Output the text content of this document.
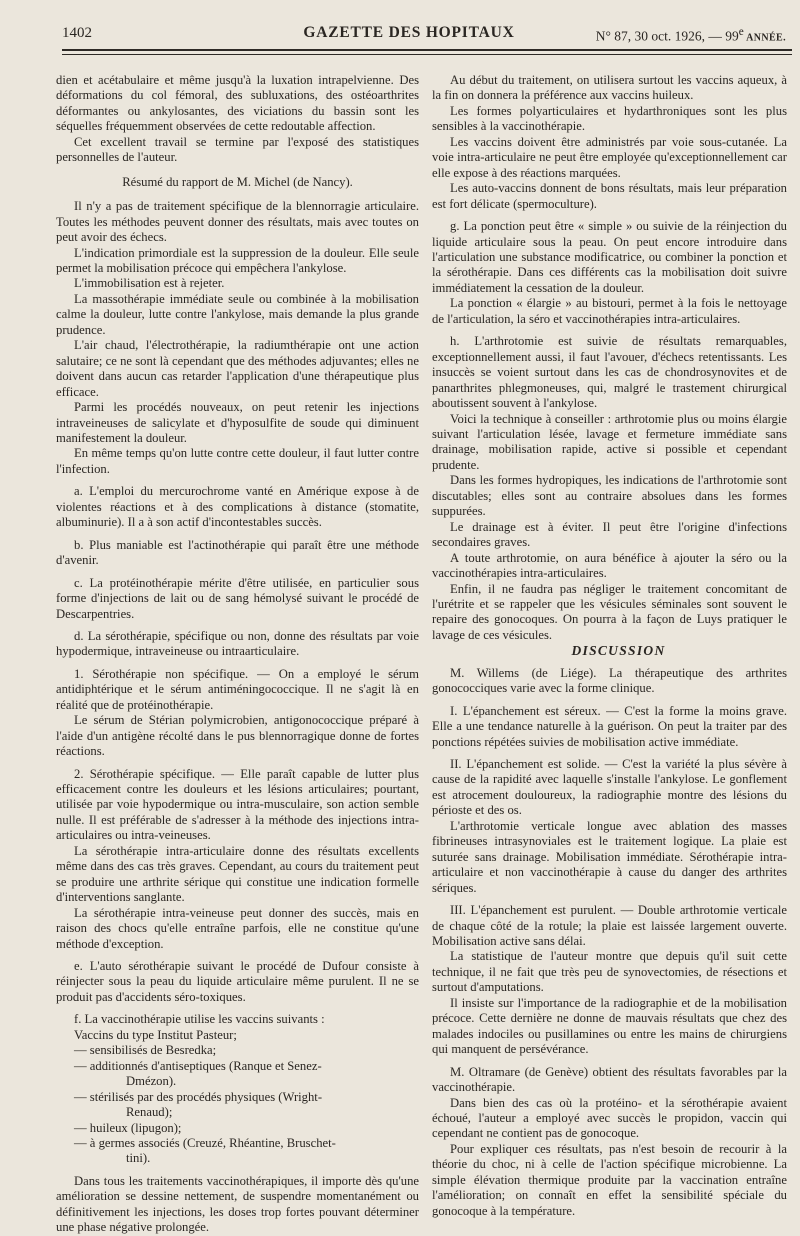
1402	GAZETTE DES HOPITAUX	N° 87, 30 oct. 1926, — 99e ANNÉE.

dien et acétabulaire et même jusqu'à la luxation intrapelvienne. Des déformations du col fémoral, des subluxations, des ostéoarthrites déformantes ou ankylosantes, des viciations du bassin sont les séquelles fréquemment observées de cette redoutable affection.

Cet excellent travail se termine par l'exposé des statistiques personnelles de l'auteur.

Résumé du rapport de M. Michel (de Nancy).

Il n'y a pas de traitement spécifique de la blennorragie articulaire. Toutes les méthodes peuvent donner des résultats, mais avec toutes on peut avoir des échecs.

L'indication primordiale est la suppression de la douleur. Elle seule permet la mobilisation précoce qui empêchera l'ankylose.

L'immobilisation est à rejeter.

La massothérapie immédiate seule ou combinée à la mobilisation calme la douleur, lutte contre l'ankylose, mais demande la plus grande prudence.

L'air chaud, l'électrothérapie, la radiumthérapie ont une action salutaire; ce ne sont là cependant que des méthodes adjuvantes; elles ne doivent dans aucun cas retarder l'application d'une thérapeutique plus efficace.

Parmi les procédés nouveaux, on peut retenir les injections intraveineuses de salicylate et d'hyposulfite de soude qui diminuent manifestement la douleur.

En même temps qu'on lutte contre cette douleur, il faut lutter contre l'infection.

a. L'emploi du mercurochrome vanté en Amérique expose à de violentes réactions et à des complications à distance (stomatite, albuminurie). Il a à son actif d'incontestables succès.

b. Plus maniable est l'actinothérapie qui paraît être une méthode d'avenir.

c. La protéinothérapie mérite d'être utilisée, en particulier sous forme d'injections de lait ou de sang hémolysé suivant le procédé de Descarpentries.

d. La sérothérapie, spécifique ou non, donne des résultats par voie hypodermique, intraveineuse ou intraarticulaire.

1. Sérothérapie non spécifique. — On a employé le sérum antidiphtérique et le sérum antiméningococcique. Il ne s'agit là en réalité que de protéinothérapie.

Le sérum de Stérian polymicrobien, antigonococcique préparé à l'aide d'un antigène récolté dans le pus blennorragique donne de fortes réactions.

2. Sérothérapie spécifique. — Elle paraît capable de lutter plus efficacement contre les douleurs et les lésions articulaires; pourtant, utilisée par voie hypodermique ou intra-musculaire, son action semble nulle. Il est préférable de s'adresser à la méthode des injections intra-articulaires ou intra-veineuses.

La sérothérapie intra-articulaire donne des résultats excellents même dans des cas très graves. Cependant, au cours du traitement peut se produire une arthrite sérique qui constitue une indication formelle d'interventions sanglante.

La sérothérapie intra-veineuse peut donner des succès, mais en raison des chocs qu'elle entraîne parfois, elle ne constitue qu'une méthode d'exception.

e. L'auto sérothérapie suivant le procédé de Dufour consiste à réinjecter sous la peau du liquide articulaire même purulent. Il ne se produit pas d'accidents séro-toxiques.

f. La vaccinothérapie utilise les vaccins suivants :

Vaccins du type Institut Pasteur;
— sensibilisés de Besredka;
— additionnés d'antiseptiques (Ranque et Senez-
Dmézon).
— stérilisés par des procédés physiques (Wright-
Renaud);
— huileux (lipugon);
— à germes associés (Creuzé, Rhéantine, Bruschet-
tini).

Dans tous les traitements vaccinothérapiques, il importe dès qu'une amélioration se dessine nettement, de suspendre momentanément ou définitivement les injections, les doses trop fortes pouvant déterminer une phase négative prolongée.

Au début du traitement, on utilisera surtout les vaccins aqueux, à la fin on donnera la préférence aux vaccins huileux.

Les formes polyarticulaires et hydarthroniques sont les plus sensibles à la vaccinothérapie.

Les vaccins doivent être administrés par voie sous-cutanée. La voie intra-articulaire ne peut être employée qu'exceptionnellement car elle expose à des réactions marquées.

Les auto-vaccins donnent de bons résultats, mais leur préparation est fort délicate (spermoculture).

g. La ponction peut être « simple » ou suivie de la réinjection du liquide articulaire sous la peau. On peut encore introduire dans l'articulation une substance modificatrice, ou combiner la ponction et la sérothérapie. Dans ces différents cas la mobilisation doit suivre immédiatement la cessation de la douleur.

La ponction « élargie » au bistouri, permet à la fois le nettoyage de l'articulation, la séro et vaccinothérapies intra-articulaires.

h. L'arthrotomie est suivie de résultats remarquables, exceptionnellement aussi, il faut l'avouer, d'échecs retentissants. Les insuccès se voient surtout dans les cas de chondrosynovites et de panarthrites phlegmoneuses, qui, malgré le trastement chirurgical aboutissent souvent à l'ankylose.

Voici la technique à conseiller : arthrotomie plus ou moins élargie suivant l'articulation lésée, lavage et fermeture immédiate sans drainage, mobilisation rapide, active si possible et cependant prudente.

Dans les formes hydropiques, les indications de l'arthrotomie sont discutables; elles sont au contraire absolues dans les formes suppurées.

Le drainage est à éviter. Il peut être l'origine d'infections secondaires graves.

A toute arthrotomie, on aura bénéfice à ajouter la séro ou la vaccinothérapies intra-articulaires.

Enfin, il ne faudra pas négliger le traitement concomitant de l'urétrite et se rappeler que les vésicules séminales sont souvent le repaire des gonocoques. On pourra à la façon de Luys pratiquer le lavage de ces vésicules.

DISCUSSION

M. Willems (de Liége). La thérapeutique des arthrites gonococciques varie avec la forme clinique.

I. L'épanchement est séreux. — C'est la forme la moins grave. Elle a une tendance naturelle à la guérison. On peut la traiter par des ponctions répétées suivies de mobilisation active immédiate.

II. L'épanchement est solide. — C'est la variété la plus sévère à cause de la rapidité avec laquelle s'installe l'ankylose. Le gonflement est atrocement douloureux, la radiographie montre des lésions du périoste et des os.

L'arthrotomie verticale longue avec ablation des masses fibrineuses intrasynoviales est le traitement logique. La plaie est suturée sans drainage. Mobilisation immédiate. Sérothérapie intra-articulaire et non vaccinothérapie à cause du danger des arthrites sériques.

III. L'épanchement est purulent. — Double arthrotomie verticale de chaque côté de la rotule; la plaie est laissée largement ouverte. Mobilisation active sans délai.

La statistique de l'auteur montre que depuis qu'il suit cette technique, il ne fait que très peu de synovectomies, de résections et surtout d'amputations.

Il insiste sur l'importance de la radiographie et de la mobilisation précoce. Cette dernière ne donne de mauvais résultats que chez des malades indociles ou pusillamines ou entre les mains de chirurgiens qui manquent de persévérance.

M. Oltramare (de Genève) obtient des résultats favorables par la vaccinothérapie.

Dans bien des cas où la protéino- et la sérothérapie avaient échoué, l'auteur a employé avec succès le propidon, vaccin qui cependant ne contient pas de gonocoque.

Pour expliquer ces résultats, pas n'est besoin de recourir à la théorie du choc, ni à celle de l'action spécifique microbienne. La simple élévation thermique produite par la vaccination entraîne l'amélioration; on connaît en effet la sensibilité spéciale du gonocoque à la température.
